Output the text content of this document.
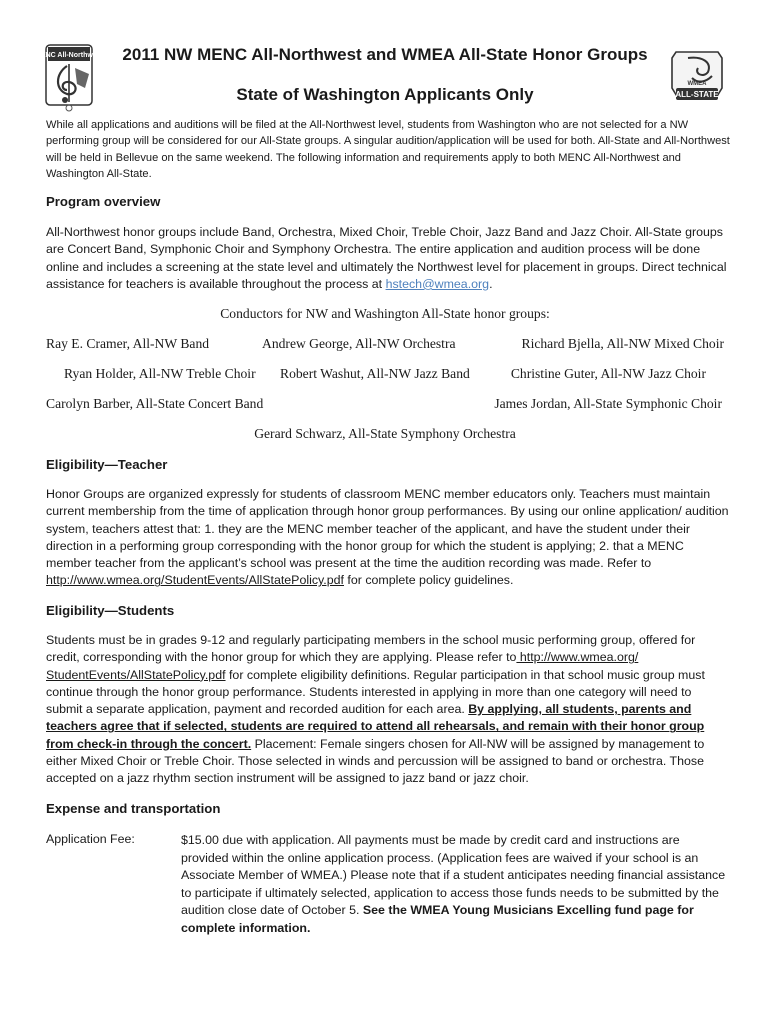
MENC All-Northwest
WMEA
ALL-STATE
2011 NW MENC All-Northwest and WMEA All-State Honor Groups
State of Washington Applicants Only

While all applications and auditions will be filed at the All-Northwest level, students from Washington who are not selected for a NW performing group will be considered for our All-State groups. A singular audition/application will be used for both. All-State and All-Northwest will be held in Bellevue on the same weekend. The following information and requirements apply to both MENC All-Northwest and Washington All-State.

Program overview

All-Northwest honor groups include Band, Orchestra, Mixed Choir, Treble Choir, Jazz Band and Jazz Choir. All-State groups are Concert Band, Symphonic Choir and Symphony Orchestra. The entire application and audition process will be done online and includes a screening at the state level and ultimately the Northwest level for placement in groups. Direct technical assistance for teachers is available throughout the process at hstech@wmea.org.

Conductors for NW and Washington All-State honor groups:
Ray E. Cramer, All-NW Band	Andrew George, All-NW Orchestra	Richard Bjella, All-NW Mixed Choir
Ryan Holder, All-NW Treble Choir Robert Washut, All-NW Jazz Band	Christine Guter, All-NW Jazz Choir
Carolyn Barber, All-State Concert Band	James Jordan, All-State Symphonic Choir
Gerard Schwarz, All-State Symphony Orchestra
Eligibility—Teacher

Honor Groups are organized expressly for students of classroom MENC member educators only. Teachers must maintain current membership from the time of application through honor group performances. By using our online application/ audition system, teachers attest that: 1. they are the MENC member teacher of the applicant, and have the student under their direction in a performing group corresponding with the honor group for which the student is applying; 2. that a MENC member teacher from the applicant’s school was present at the time the audition recording was made. Refer to http://www.wmea.org/StudentEvents/AllStatePolicy.pdf for complete policy guidelines.

Eligibility—Students

Students must be in grades 9-12 and regularly participating members in the school music performing group, offered for credit, corresponding with the honor group for which they are applying. Please refer to http://www.wmea.org/ StudentEvents/AllStatePolicy.pdf for complete eligibility definitions. Regular participation in that school music group must continue through the honor group performance. Students interested in applying in more than one category will need to submit a separate application, payment and recorded audition for each area. By applying, all students, parents and teachers agree that if selected, students are required to attend all rehearsals, and remain with their honor group from check-in through the concert. Placement: Female singers chosen for All-NW will be assigned by management to either Mixed Choir or Treble Choir. Those selected in winds and percussion will be assigned to band or orchestra. Those accepted on a jazz rhythm section instrument will be assigned to jazz band or jazz choir.

Expense and transportation

Application Fee:	$15.00 due with application. All payments must be made by credit card and instructions are provided within the online application process. (Application fees are waived if your school is an Associate Member of WMEA.) Please note that if a student anticipates needing financial assistance to participate if ultimately selected, application to access those funds needs to be submitted by the audition close date of October 5. See the WMEA Young Musicians Excelling fund page for complete information.
